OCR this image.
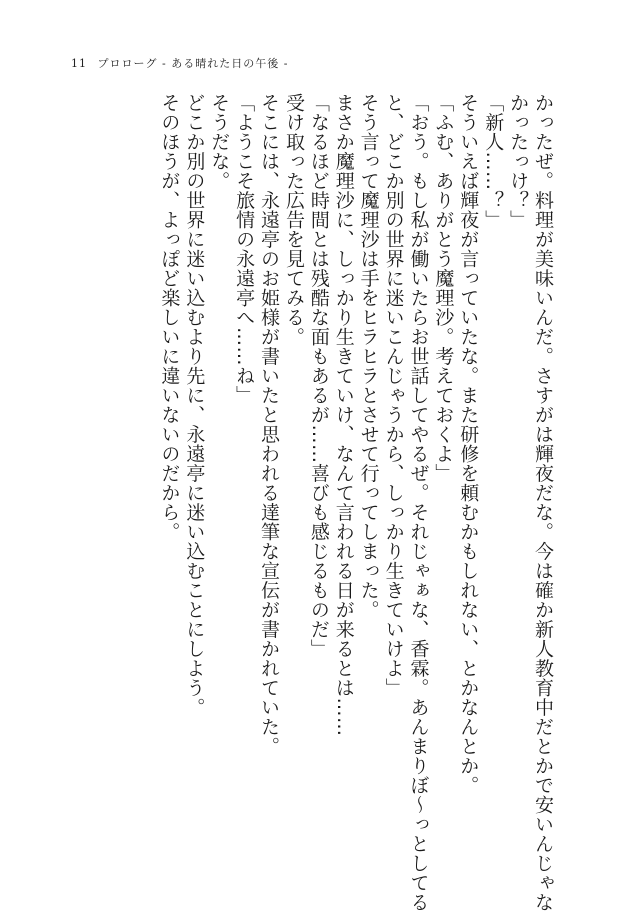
11 プロローグ - ある晴れた日の午後 -
かったぜ。料理が美味いんだ。さすがは輝夜だな。今は確か新人教育中だとかで安いんじゃな
かったっけ？」
「新人……？」
そういえば輝夜が言っていたな。また研修を頼むかもしれない、とかなんとか。
「ふむ、ありがとう魔理沙。考えておくよ」
「おう。もし私が働いたらお世話してやるぜ。それじゃぁな、香霖。あんまりぼ〜っとしてる
と、どこか別の世界に迷いこんじゃうから、しっかり生きていけよ」
そう言って魔理沙は手をヒラヒラとさせて行ってしまった。
まさか魔理沙に、しっかり生きていけ、なんて言われる日が来るとは……
「なるほど時間とは残酷な面もあるが……喜びも感じるものだ」
受け取った広告を見てみる。
そこには、永遠亭のお姫様が書いたと思われる達筆な宣伝が書かれていた。
「ようこそ旅情の永遠亭へ……ね」
そうだな。
どこか別の世界に迷い込むより先に、永遠亭に迷い込むことにしよう。
そのほうが、よっぽど楽しいに違いないのだから。
